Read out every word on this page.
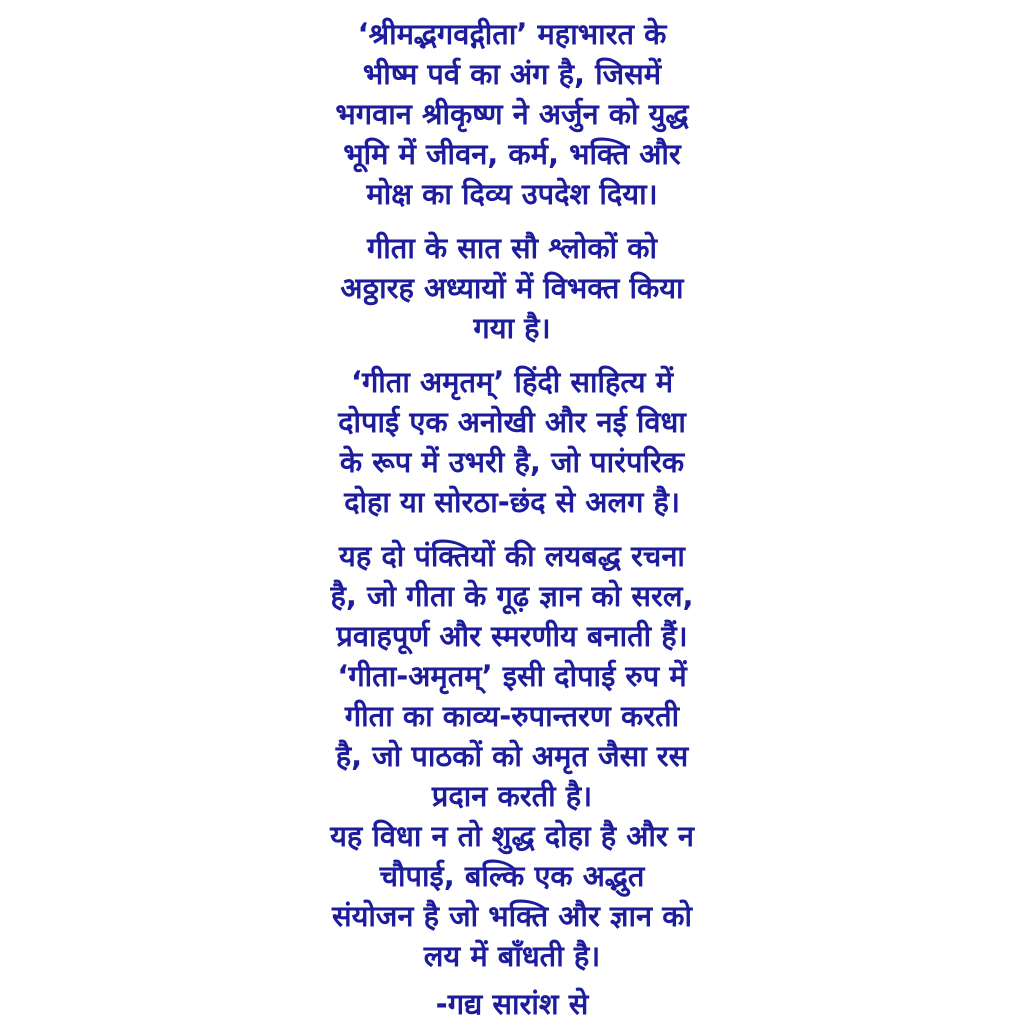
‘श्रीमद्भगवद्गीता’ महाभारत के
भीष्म पर्व का अंग है, जिसमें
भगवान श्रीकृष्ण ने अर्जुन को युद्ध
भूमि में जीवन, कर्म, भक्ति और
मोक्ष का दिव्य उपदेश दिया।

गीता के सात सौ श्लोकों को
अठ्ठारह अध्यायों में विभक्त किया
गया है।

‘गीता अमृतम्’ हिंदी साहित्य में
दोपाई एक अनोखी और नई विधा
के रूप में उभरी है, जो पारंपरिक
दोहा या सोरठा-छंद से अलग है।

यह दो पंक्तियों की लयबद्ध रचना
है, जो गीता के गूढ़ ज्ञान को सरल,
प्रवाहपूर्ण और स्मरणीय बनाती हैं।
‘गीता-अमृतम्’ इसी दोपाई रुप में
गीता का काव्य-रुपान्तरण करती
है, जो पाठकों को अमृत जैसा रस
प्रदान करती है।
यह विधा न तो शुद्ध दोहा है और न
चौपाई, बल्कि एक अद्भुत
संयोजन है जो भक्ति और ज्ञान को
लय में बाँधती है।

-गद्य सारांश से
